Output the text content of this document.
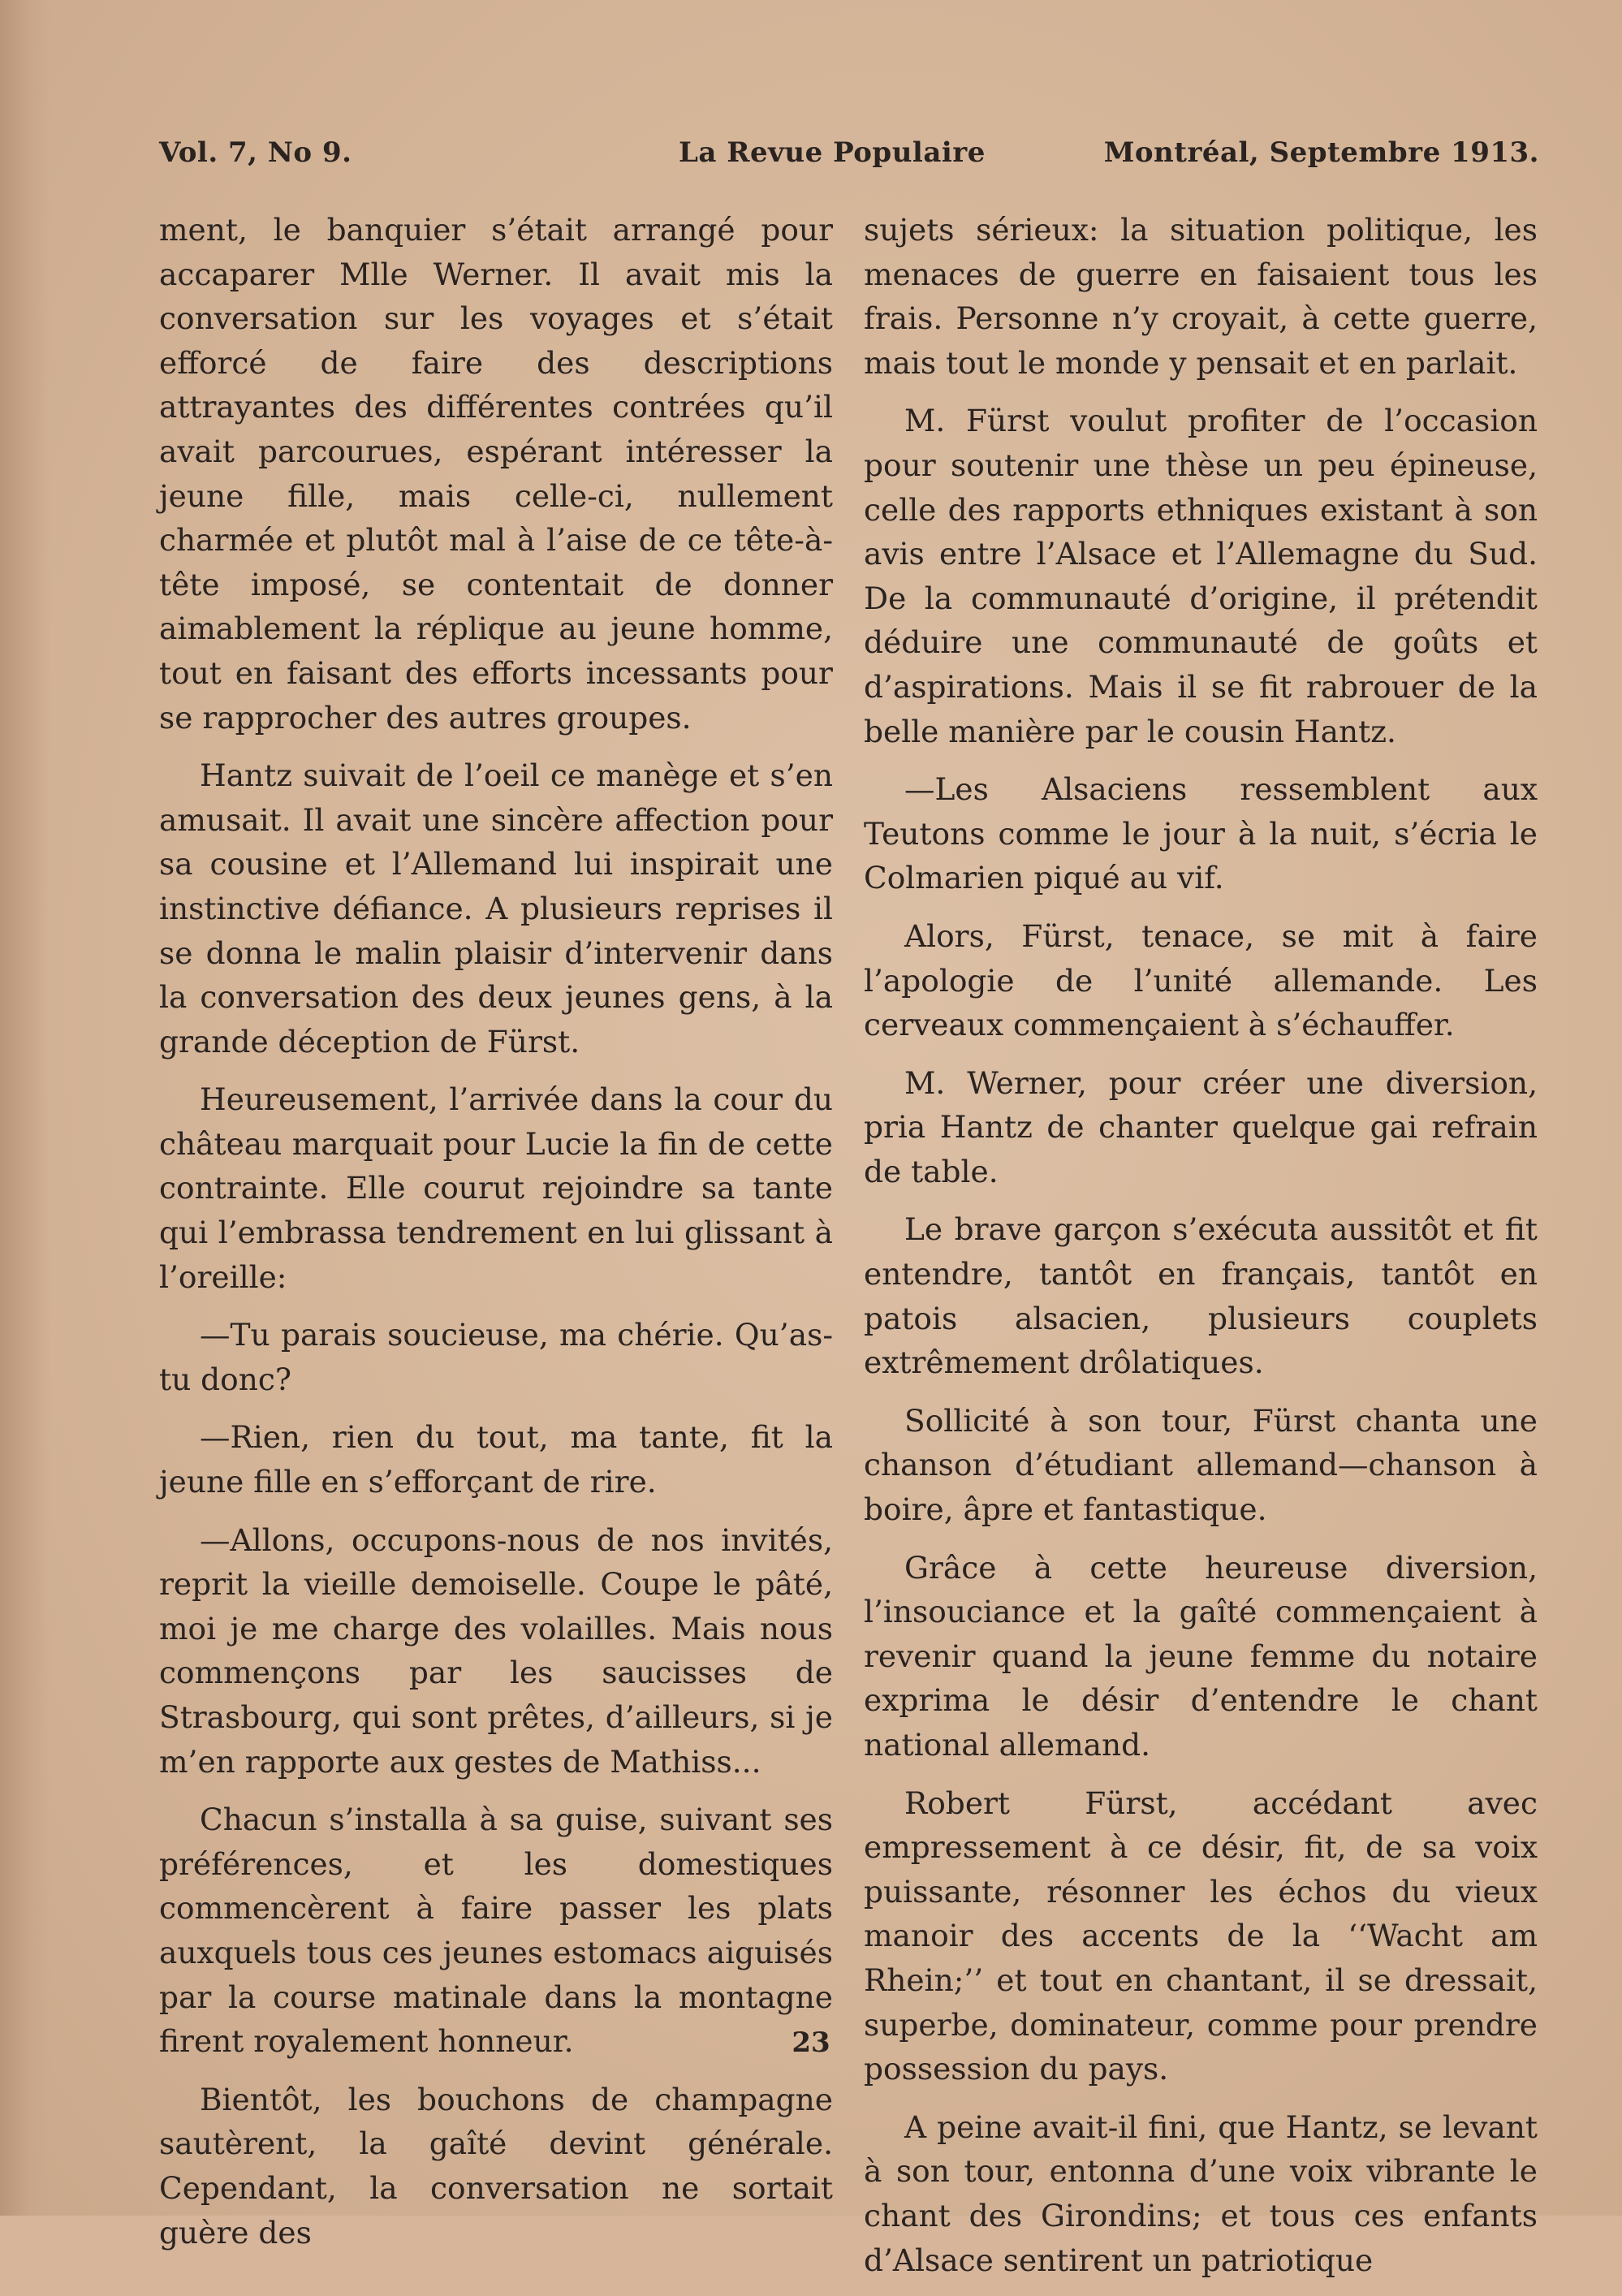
Vol. 7, No 9.	La Revue Populaire	Montréal, Septembre 1913.

ment, le banquier s’était arrangé pour accaparer Mlle Werner. Il avait mis la conversation sur les voyages et s’était efforcé de faire des descriptions attrayantes des différentes contrées qu’il avait parcourues, espérant intéresser la jeune fille, mais celle-ci, nullement charmée et plutôt mal à l’aise de ce tête-à-tête imposé, se contentait de donner aimablement la réplique au jeune homme, tout en faisant des efforts incessants pour se rapprocher des autres groupes.

Hantz suivait de l’oeil ce manège et s’en amusait. Il avait une sincère affection pour sa cousine et l’Allemand lui inspirait une instinctive défiance. A plusieurs reprises il se donna le malin plaisir d’intervenir dans la conversation des deux jeunes gens, à la grande déception de Fürst.

Heureusement, l’arrivée dans la cour du château marquait pour Lucie la fin de cette contrainte. Elle courut rejoindre sa tante qui l’embrassa tendrement en lui glissant à l’oreille:

—Tu parais soucieuse, ma chérie. Qu’as-tu donc?

—Rien, rien du tout, ma tante, fit la jeune fille en s’efforçant de rire.

—Allons, occupons-nous de nos invités, reprit la vieille demoiselle. Coupe le pâté, moi je me charge des volailles. Mais nous commençons par les saucisses de Strasbourg, qui sont prêtes, d’ailleurs, si je m’en rapporte aux gestes de Mathiss...

Chacun s’installa à sa guise, suivant ses préférences, et les domestiques commencèrent à faire passer les plats auxquels tous ces jeunes estomacs aiguisés par la course matinale dans la montagne firent royalement honneur.

Bientôt, les bouchons de champagne sautèrent, la gaîté devint générale. Cependant, la conversation ne sortait guère des

sujets sérieux: la situation politique, les menaces de guerre en faisaient tous les frais. Personne n’y croyait, à cette guerre, mais tout le monde y pensait et en parlait.

M. Fürst voulut profiter de l’occasion pour soutenir une thèse un peu épineuse, celle des rapports ethniques existant à son avis entre l’Alsace et l’Allemagne du Sud. De la communauté d’origine, il prétendit déduire une communauté de goûts et d’aspirations. Mais il se fit rabrouer de la belle manière par le cousin Hantz.

—Les Alsaciens ressemblent aux Teutons comme le jour à la nuit, s’écria le Colmarien piqué au vif.

Alors, Fürst, tenace, se mit à faire l’apologie de l’unité allemande. Les cerveaux commençaient à s’échauffer.

M. Werner, pour créer une diversion, pria Hantz de chanter quelque gai refrain de table.

Le brave garçon s’exécuta aussitôt et fit entendre, tantôt en français, tantôt en patois alsacien, plusieurs couplets extrêmement drôlatiques.

Sollicité à son tour, Fürst chanta une chanson d’étudiant allemand—chanson à boire, âpre et fantastique.

Grâce à cette heureuse diversion, l’insouciance et la gaîté commençaient à revenir quand la jeune femme du notaire exprima le désir d’entendre le chant national allemand.

Robert Fürst, accédant avec empressement à ce désir, fit, de sa voix puissante, résonner les échos du vieux manoir des accents de la ‘‘Wacht am Rhein;’’ et tout en chantant, il se dressait, superbe, dominateur, comme pour prendre possession du pays.

A peine avait-il fini, que Hantz, se levant à son tour, entonna d’une voix vibrante le chant des Girondins; et tous ces enfants d’Alsace sentirent un patriotique

23
